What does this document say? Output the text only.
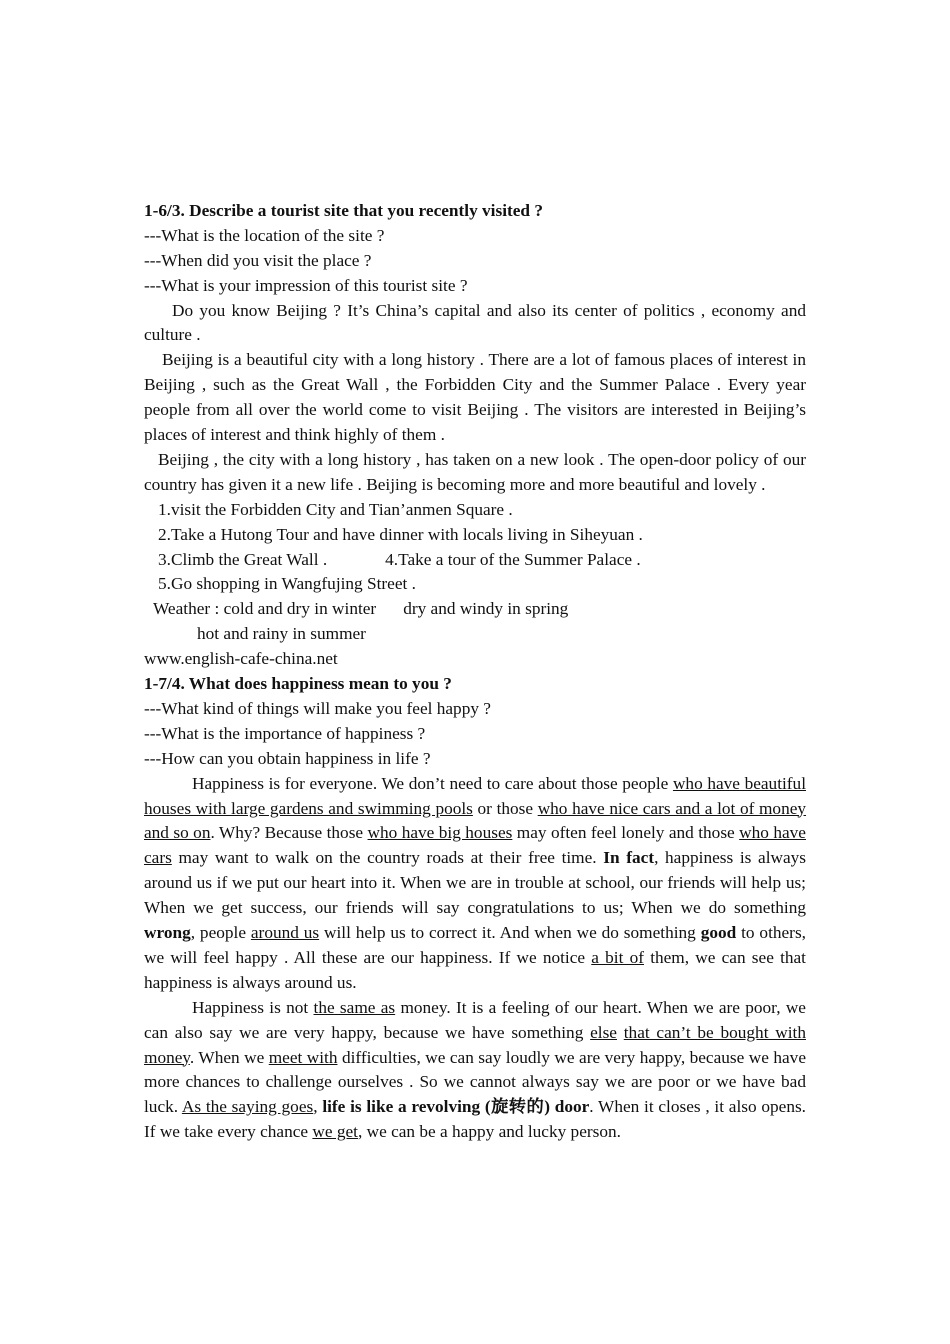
1-6/3. Describe a tourist site that you recently visited ?
---What is the location of the site ?
---When did you visit the place ?
---What is your impression of this tourist site ?

Do you know Beijing ? It’s China’s capital and also its center of politics , economy and culture .

Beijing is a beautiful city with a long history . There are a lot of famous places of interest in Beijing , such as the Great Wall , the Forbidden City and the Summer Palace . Every year people from all over the world come to visit Beijing . The visitors are interested in Beijing’s places of interest and think highly of them .

Beijing , the city with a long history , has taken on a new look . The open-door policy of our country has given it a new life . Beijing is becoming more and more beautiful and lovely .

1.visit the Forbidden City and Tian’anmen Square .
2.Take a Hutong Tour and have dinner with locals living in Siheyuan .
3.Climb the Great Wall .	4.Take a tour of the Summer Palace .
5.Go shopping in Wangfujing Street .
Weather : cold and dry in winter dry and windy in spring
hot and rainy in summer
www.english-cafe-china.net
1-7/4. What does happiness mean to you ?
---What kind of things will make you feel happy ?
---What is the importance of happiness ?
---How can you obtain happiness in life ?

Happiness is for everyone. We don’t need to care about those people who have beautiful houses with large gardens and swimming pools or those who have nice cars and a lot of money and so on. Why? Because those who have big houses may often feel lonely and those who have cars may want to walk on the country roads at their free time. In fact, happiness is always around us if we put our heart into it. When we are in trouble at school, our friends will help us; When we get success, our friends will say congratulations to us; When we do something wrong, people around us will help us to correct it. And when we do something good to others, we will feel happy . All these are our happiness. If we notice a bit of them, we can see that happiness is always around us.

Happiness is not the same as money. It is a feeling of our heart. When we are poor, we can also say we are very happy, because we have something else that can’t be bought with money. When we meet with difficulties, we can say loudly we are very happy, because we have more chances to challenge ourselves . So we cannot always say we are poor or we have bad luck. As the saying goes, life is like a revolving (旋转的) door. When it closes , it also opens. If we take every chance we get, we can be a happy and lucky person.
